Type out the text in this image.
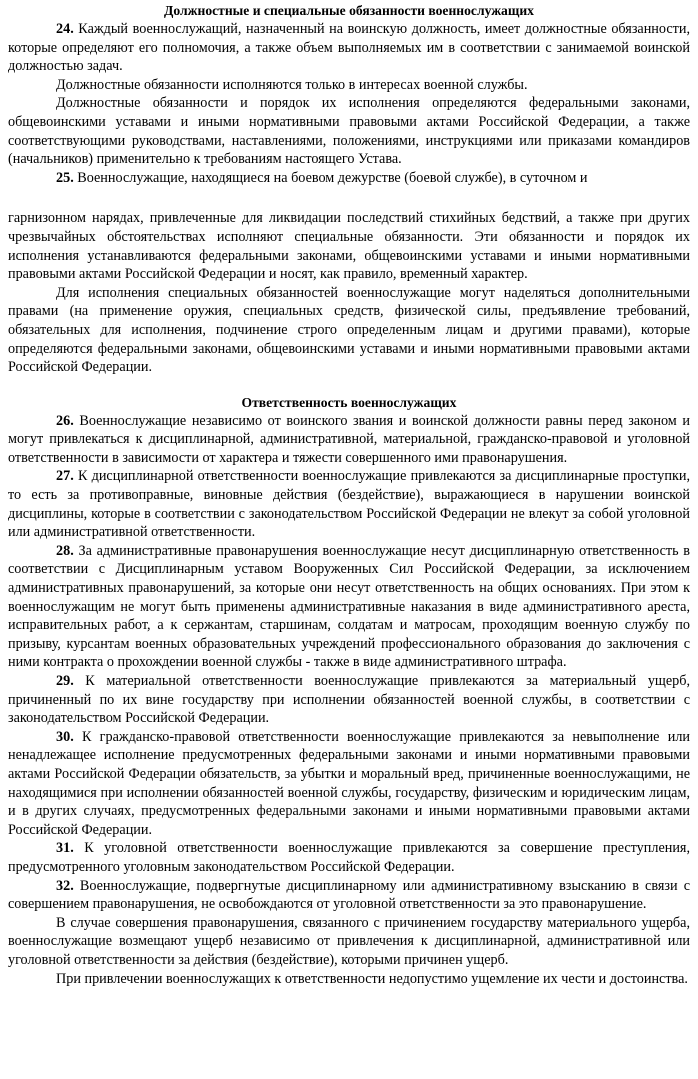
Должностные и специальные обязанности военнослужащих

24. Каждый военнослужащий, назначенный на воинскую должность, имеет должностные обязанности, которые определяют его полномочия, а также объем выполняемых им в соответствии с занимаемой воинской должностью задач.

Должностные обязанности исполняются только в интересах военной службы.

Должностные обязанности и порядок их исполнения определяются федеральными законами, общевоинскими уставами и иными нормативными правовыми актами Российской Федерации, а также соответствующими руководствами, наставлениями, положениями, инструкциями или приказами командиров (начальников) применительно к требованиям настоящего Устава.

25. Военнослужащие, находящиеся на боевом дежурстве (боевой службе), в суточном и

гарнизонном нарядах, привлеченные для ликвидации последствий стихийных бедствий, а также при других чрезвычайных обстоятельствах исполняют специальные обязанности. Эти обязанности и порядок их исполнения устанавливаются федеральными законами, общевоинскими уставами и иными нормативными правовыми актами Российской Федерации и носят, как правило, временный характер.

Для исполнения специальных обязанностей военнослужащие могут наделяться дополнительными правами (на применение оружия, специальных средств, физической силы, предъявление требований, обязательных для исполнения, подчинение строго определенным лицам и другими правами), которые определяются федеральными законами, общевоинскими уставами и иными нормативными правовыми актами Российской Федерации.

Ответственность военнослужащих

26. Военнослужащие независимо от воинского звания и воинской должности равны перед законом и могут привлекаться к дисциплинарной, административной, материальной, гражданско-правовой и уголовной ответственности в зависимости от характера и тяжести совершенного ими правонарушения.

27. К дисциплинарной ответственности военнослужащие привлекаются за дисциплинарные проступки, то есть за противоправные, виновные действия (бездействие), выражающиеся в нарушении воинской дисциплины, которые в соответствии с законодательством Российской Федерации не влекут за собой уголовной или административной ответственности.

28. За административные правонарушения военнослужащие несут дисциплинарную ответственность в соответствии с Дисциплинарным уставом Вооруженных Сил Российской Федерации, за исключением административных правонарушений, за которые они несут ответственность на общих основаниях. При этом к военнослужащим не могут быть применены административные наказания в виде административного ареста, исправительных работ, а к сержантам, старшинам, солдатам и матросам, проходящим военную службу по призыву, курсантам военных образовательных учреждений профессионального образования до заключения с ними контракта о прохождении военной службы - также в виде административного штрафа.

29. К материальной ответственности военнослужащие привлекаются за материальный ущерб, причиненный по их вине государству при исполнении обязанностей военной службы, в соответствии с законодательством Российской Федерации.

30. К гражданско-правовой ответственности военнослужащие привлекаются за невыполнение или ненадлежащее исполнение предусмотренных федеральными законами и иными нормативными правовыми актами Российской Федерации обязательств, за убытки и моральный вред, причиненные военнослужащими, не находящимися при исполнении обязанностей военной службы, государству, физическим и юридическим лицам, и в других случаях, предусмотренных федеральными законами и иными нормативными правовыми актами Российской Федерации.

31. К уголовной ответственности военнослужащие привлекаются за совершение преступления, предусмотренного уголовным законодательством Российской Федерации.

32. Военнослужащие, подвергнутые дисциплинарному или административному взысканию в связи с совершением правонарушения, не освобождаются от уголовной ответственности за это правонарушение.

В случае совершения правонарушения, связанного с причинением государству материального ущерба, военнослужащие возмещают ущерб независимо от привлечения к дисциплинарной, административной или уголовной ответственности за действия (бездействие), которыми причинен ущерб.

При привлечении военнослужащих к ответственности недопустимо ущемление их чести и достоинства.
